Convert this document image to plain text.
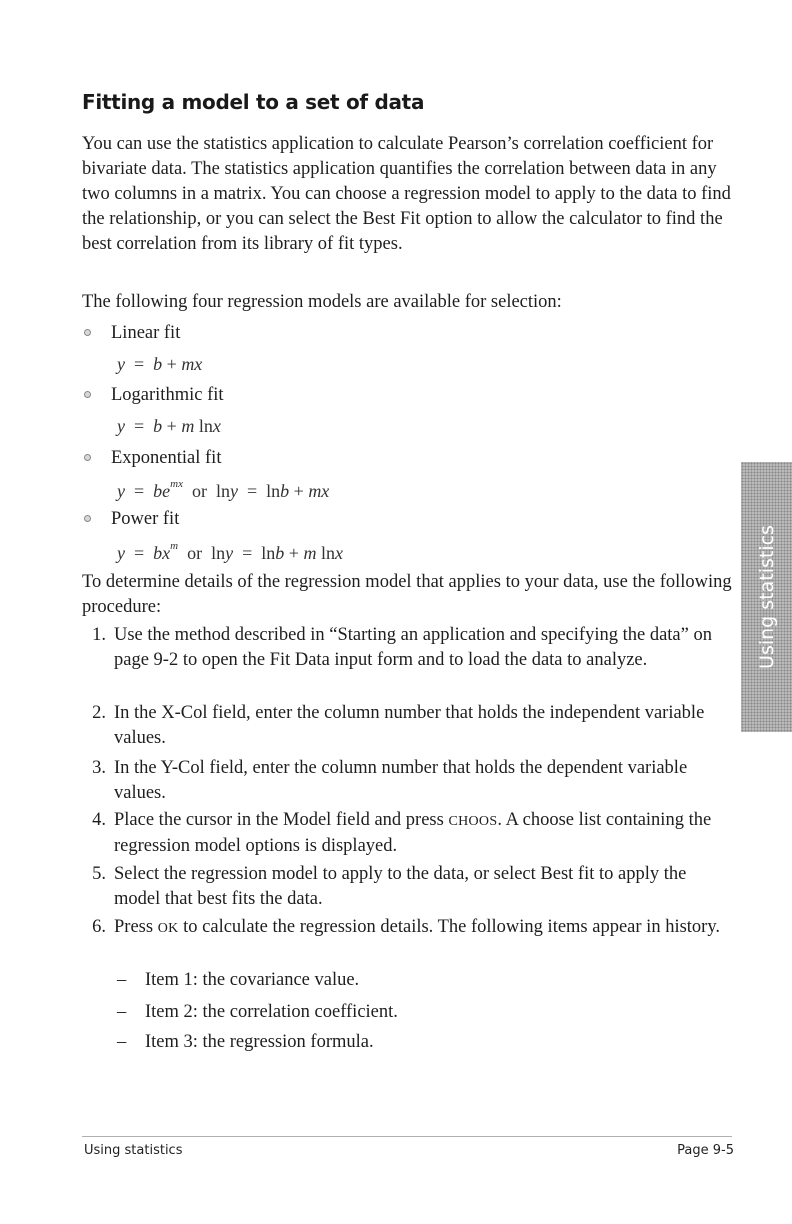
Fitting a model to a set of data

You can use the statistics application to calculate Pearson’s correlation coefficient for bivariate data. The statistics application quantifies the correlation between data in any two columns in a matrix. You can choose a regression model to apply to the data to find the relationship, or you can select the Best Fit option to allow the calculator to find the best correlation from its library of fit types.

The following four regression models are available for selection:

Linear fit
y  =  b + mx
Logarithmic fit
y  =  b + m lnx
Exponential fit
$y = be^{mx}$ or  lny  =  lnb + mx
Power fit
$y = bx^m$ or  lny  =  lnb + m lnx

To determine details of the regression model that applies to your data, use the following procedure:

1. Use the method described in “Starting an application and specifying the data” on page 9-2 to open the Fit Data input form and to load the data to analyze.
2. In the X-Col field, enter the column number that holds the independent variable values.
3. In the Y-Col field, enter the column number that holds the dependent variable values.
4. Place the cursor in the Model field and press CHOOS. A choose list containing the regression model options is displayed.
5. Select the regression model to apply to the data, or select Best fit to apply the model that best fits the data.
6. Press OK to calculate the regression details. The following items appear in history.
– Item 1: the covariance value.
– Item 2: the correlation coefficient.
– Item 3: the regression formula.
Using statistics

Using statistics	Page 9-5
